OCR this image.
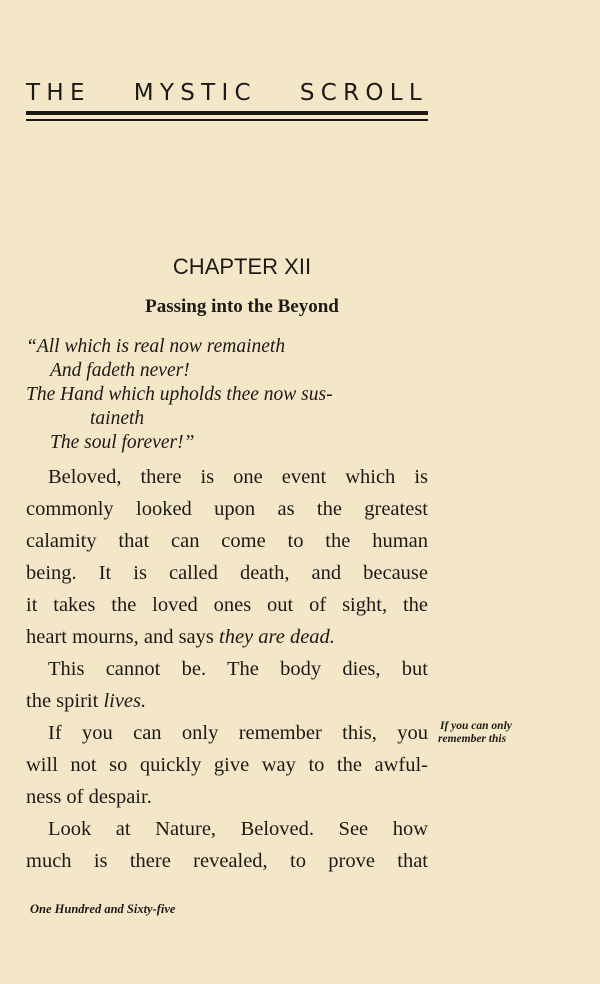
THE MYSTIC SCROLL
CHAPTER XII
Passing into the Beyond
“All which is real now remaineth
And fadeth never!
The Hand which upholds thee now sus-
taineth
The soul forever!”
Beloved, there is one event which is
commonly looked upon as the greatest
calamity that can come to the human
being. It is called death, and because
it takes the loved ones out of sight, the
heart mourns, and says they are dead.
This cannot be. The body dies, but
the spirit lives.
If you can only remember this, you
will not so quickly give way to the awful-
ness of despair.
Look at Nature, Beloved. See how
much is there revealed, to prove that
If you can only
remember this
One Hundred and Sixty-five
